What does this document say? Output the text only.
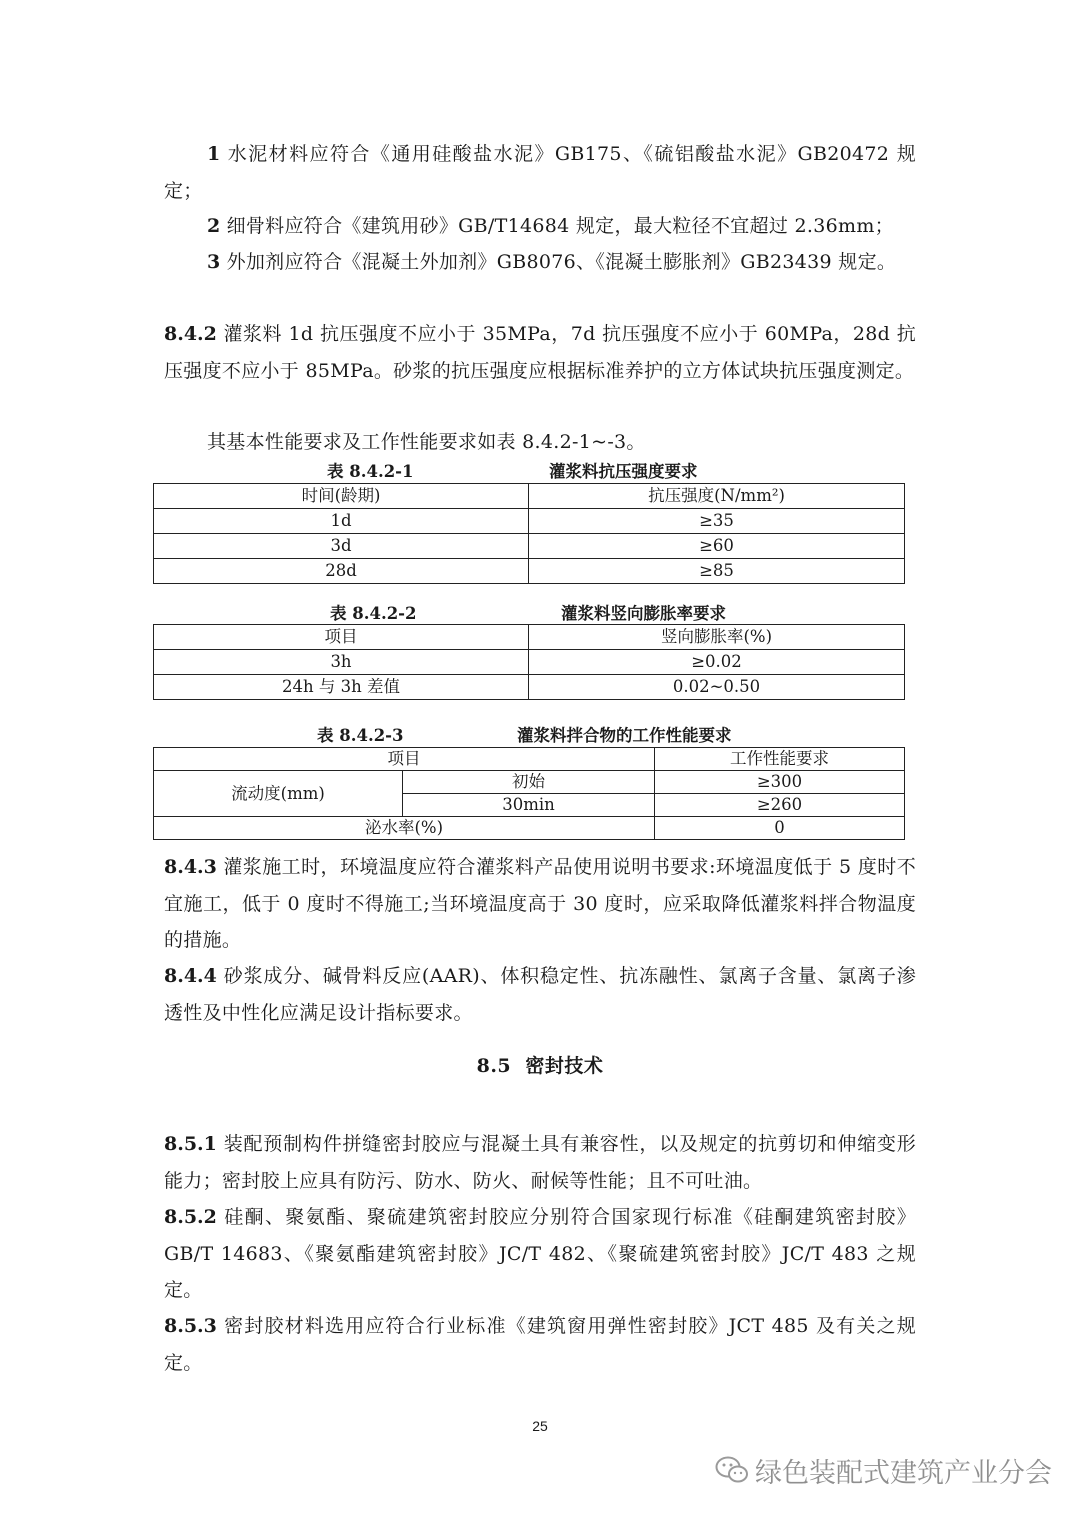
1 水泥材料应符合《通用硅酸盐水泥》GB175、《硫铝酸盐水泥》GB20472 规定；

2 细骨料应符合《建筑用砂》GB/T14684 规定，最大粒径不宜超过 2.36mm；

3 外加剂应符合《混凝土外加剂》GB8076、《混凝土膨胀剂》GB23439 规定。

8.4.2 灌浆料 1d 抗压强度不应小于 35MPa，7d 抗压强度不应小于 60MPa，28d 抗压强度不应小于 85MPa。砂浆的抗压强度应根据标准养护的立方体试块抗压强度测定。

其基本性能要求及工作性能要求如表 8.4.2-1~-3。

表 8.4.2-1	灌浆料抗压强度要求
时间(龄期)	抗压强度(N/mm²)
1d	≥35
3d	≥60
28d	≥85
表 8.4.2-2	灌浆料竖向膨胀率要求
项目	竖向膨胀率(%)
3h	≥0.02
24h 与 3h 差值	0.02~0.50
表 8.4.2-3	灌浆料拌合物的工作性能要求
项目		工作性能要求
流动度(mm)	初始	≥300
	30min	≥260
泌水率(%)		0

8.4.3 灌浆施工时，环境温度应符合灌浆料产品使用说明书要求:环境温度低于 5 度时不宜施工，低于 0 度时不得施工;当环境温度高于 30 度时，应采取降低灌浆料拌合物温度的措施。

8.4.4 砂浆成分、碱骨料反应(AAR)、体积稳定性、抗冻融性、氯离子含量、氯离子渗透性及中性化应满足设计指标要求。

8.5 密封技术

8.5.1 装配预制构件拼缝密封胶应与混凝土具有兼容性，以及规定的抗剪切和伸缩变形能力；密封胶上应具有防污、防水、防火、耐候等性能；且不可吐油。

8.5.2 硅酮、聚氨酯、聚硫建筑密封胶应分别符合国家现行标准《硅酮建筑密封胶》GB/T 14683、《聚氨酯建筑密封胶》JC/T 482、《聚硫建筑密封胶》JC/T 483 之规定。

8.5.3 密封胶材料选用应符合行业标准《建筑窗用弹性密封胶》JCT 485 及有关之规定。

25
绿色装配式建筑产业分会
